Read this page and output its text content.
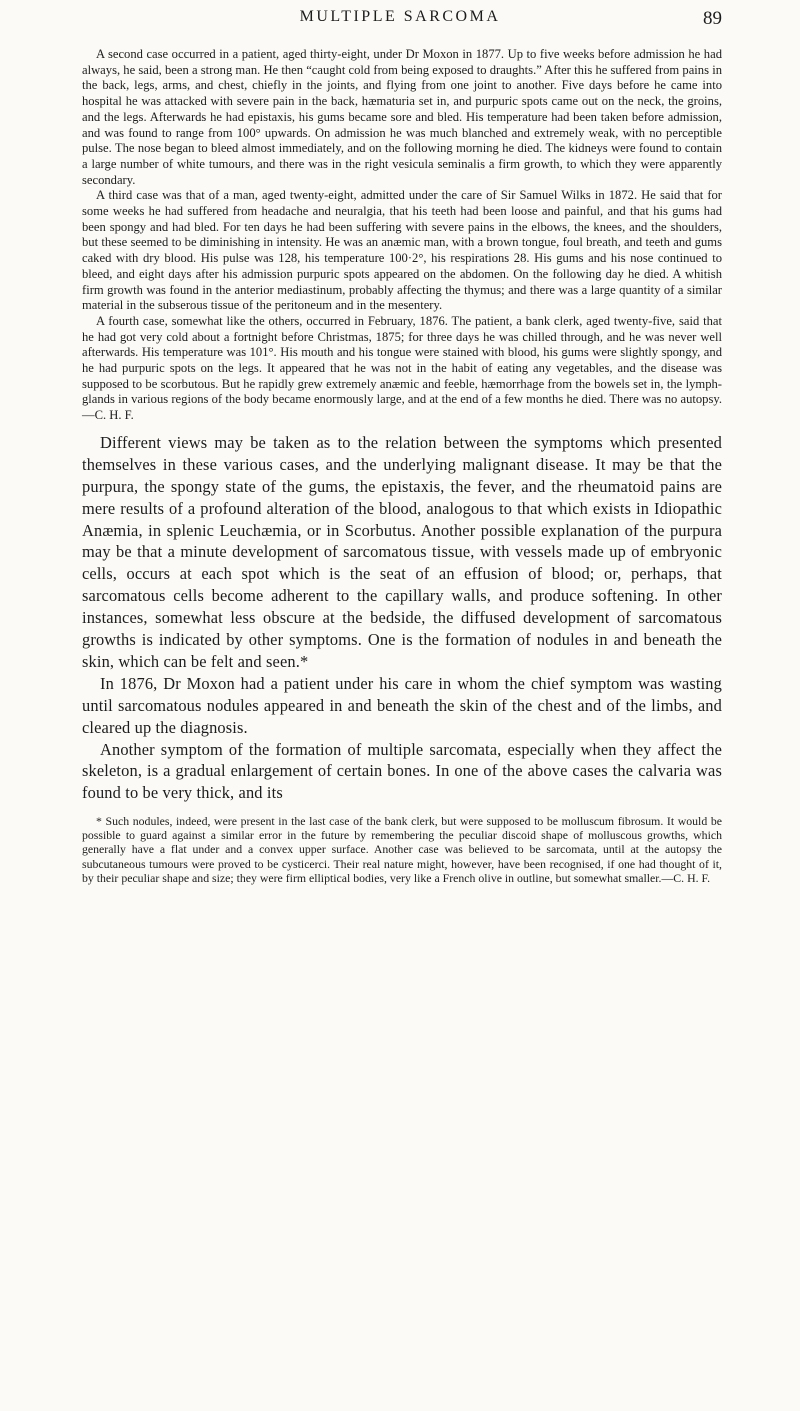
MULTIPLE SARCOMA	89

A second case occurred in a patient, aged thirty-eight, under Dr Moxon in 1877. Up to five weeks before admission he had always, he said, been a strong man. He then “caught cold from being exposed to draughts.” After this he suffered from pains in the back, legs, arms, and chest, chiefly in the joints, and flying from one joint to another. Five days before he came into hospital he was attacked with severe pain in the back, hæmaturia set in, and purpuric spots came out on the neck, the groins, and the legs. Afterwards he had epistaxis, his gums became sore and bled. His temperature had been taken before admission, and was found to range from 100° upwards. On admission he was much blanched and extremely weak, with no perceptible pulse. The nose began to bleed almost immediately, and on the following morning he died. The kidneys were found to contain a large number of white tumours, and there was in the right vesicula seminalis a firm growth, to which they were apparently secondary.

A third case was that of a man, aged twenty-eight, admitted under the care of Sir Samuel Wilks in 1872. He said that for some weeks he had suffered from headache and neuralgia, that his teeth had been loose and painful, and that his gums had been spongy and had bled. For ten days he had been suffering with severe pains in the elbows, the knees, and the shoulders, but these seemed to be diminishing in intensity. He was an anæmic man, with a brown tongue, foul breath, and teeth and gums caked with dry blood. His pulse was 128, his temperature 100·2°, his respirations 28. His gums and his nose continued to bleed, and eight days after his admission purpuric spots appeared on the abdomen. On the following day he died. A whitish firm growth was found in the anterior mediastinum, probably affecting the thymus; and there was a large quantity of a similar material in the subserous tissue of the peritoneum and in the mesentery.

A fourth case, somewhat like the others, occurred in February, 1876. The patient, a bank clerk, aged twenty-five, said that he had got very cold about a fortnight before Christmas, 1875; for three days he was chilled through, and he was never well afterwards. His temperature was 101°. His mouth and his tongue were stained with blood, his gums were slightly spongy, and he had purpuric spots on the legs. It appeared that he was not in the habit of eating any vegetables, and the disease was supposed to be scorbutous. But he rapidly grew extremely anæmic and feeble, hæmorrhage from the bowels set in, the lymph-glands in various regions of the body became enormously large, and at the end of a few months he died. There was no autopsy.—C. H. F.

Different views may be taken as to the relation between the symptoms which presented themselves in these various cases, and the underlying malignant disease. It may be that the purpura, the spongy state of the gums, the epistaxis, the fever, and the rheumatoid pains are mere results of a profound alteration of the blood, analogous to that which exists in Idiopathic Anæmia, in splenic Leuchæmia, or in Scorbutus. Another possible explanation of the purpura may be that a minute development of sarcomatous tissue, with vessels made up of embryonic cells, occurs at each spot which is the seat of an effusion of blood; or, perhaps, that sarcomatous cells become adherent to the capillary walls, and produce softening. In other instances, somewhat less obscure at the bedside, the diffused development of sarcomatous growths is indicated by other symptoms. One is the formation of nodules in and beneath the skin, which can be felt and seen.*

In 1876, Dr Moxon had a patient under his care in whom the chief symptom was wasting until sarcomatous nodules appeared in and beneath the skin of the chest and of the limbs, and cleared up the diagnosis.

Another symptom of the formation of multiple sarcomata, especially when they affect the skeleton, is a gradual enlargement of certain bones. In one of the above cases the calvaria was found to be very thick, and its

* Such nodules, indeed, were present in the last case of the bank clerk, but were supposed to be molluscum fibrosum. It would be possible to guard against a similar error in the future by remembering the peculiar discoid shape of molluscous growths, which generally have a flat under and a convex upper surface. Another case was believed to be sarcomata, until at the autopsy the subcutaneous tumours were proved to be cysticerci. Their real nature might, however, have been recognised, if one had thought of it, by their peculiar shape and size; they were firm elliptical bodies, very like a French olive in outline, but somewhat smaller.—C. H. F.
